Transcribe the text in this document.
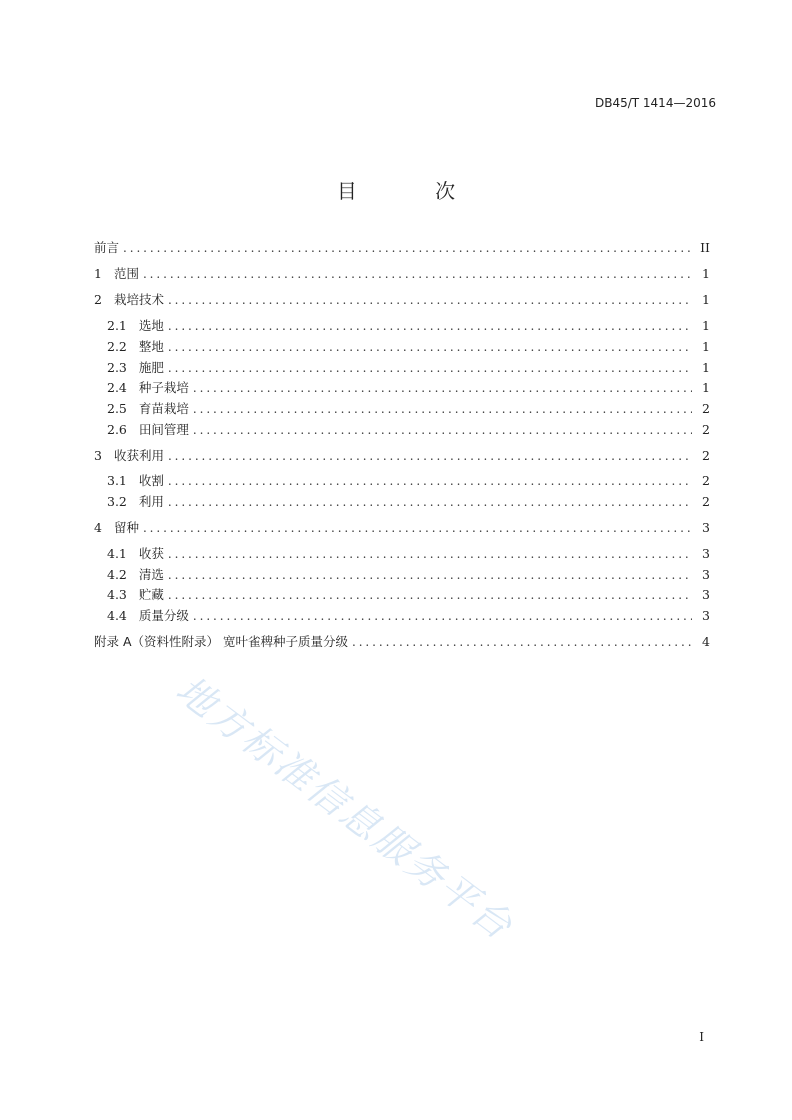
DB45/T 1414—2016
目 次
前言 .....	II
1 范围 .....	1
2 栽培技术 .....	1
2.1 选地 .....	1
2.2 整地 .....	1
2.3 施肥 .....	1
2.4 种子栽培 .....	1
2.5 育苗栽培 .....	2
2.6 田间管理 .....	2
3 收获利用 .....	2
3.1 收割 .....	2
3.2 利用 .....	2
4 留种 .....	3
4.1 收获 .....	3
4.2 清选 .....	3
4.3 贮藏 .....	3
4.4 质量分级 .....	3
附录 A（资料性附录） 宽叶雀稗种子质量分级 .....	4
地方标准信息服务平台
I
